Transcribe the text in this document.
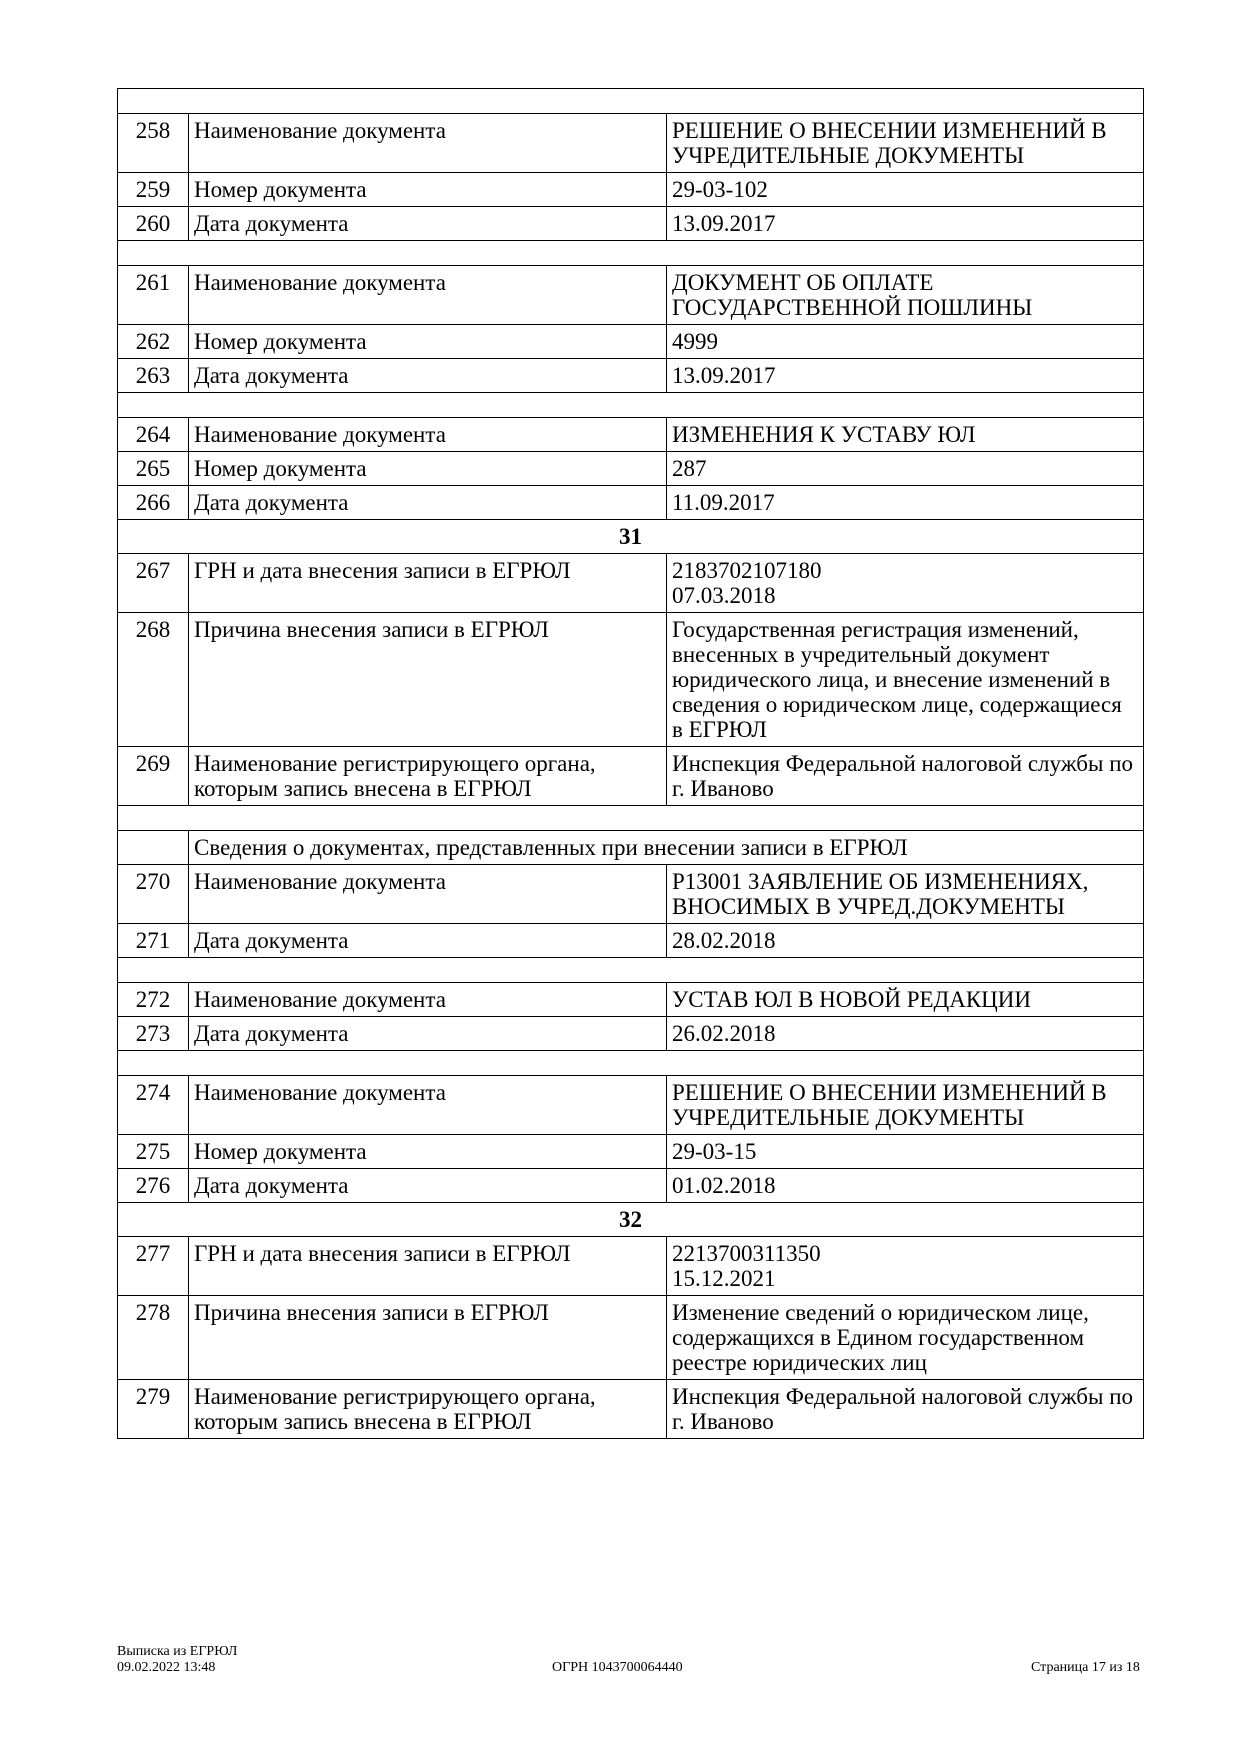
258	Наименование документа	РЕШЕНИЕ О ВНЕСЕНИИ ИЗМЕНЕНИЙ В УЧРЕДИТЕЛЬНЫЕ ДОКУМЕНТЫ
259	Номер документа	29-03-102
260	Дата документа	13.09.2017

261	Наименование документа	ДОКУМЕНТ ОБ ОПЛАТЕ ГОСУДАРСТВЕННОЙ ПОШЛИНЫ
262	Номер документа	4999
263	Дата документа	13.09.2017

264	Наименование документа	ИЗМЕНЕНИЯ К УСТАВУ ЮЛ
265	Номер документа	287
266	Дата документа	11.09.2017
31		
267	ГРН и дата внесения записи в ЕГРЮЛ	2183702107180
07.03.2018
268	Причина внесения записи в ЕГРЮЛ	Государственная регистрация изменений, внесенных в учредительный документ юридического лица, и внесение изменений в сведения о юридическом лице, содержащиеся в ЕГРЮЛ
269	Наименование регистрирующего органа, которым запись внесена в ЕГРЮЛ	Инспекция Федеральной налоговой службы по г. Иваново

	Сведения о документах, представленных при внесении записи в ЕГРЮЛ	
270	Наименование документа	Р13001 ЗАЯВЛЕНИЕ ОБ ИЗМЕНЕНИЯХ, ВНОСИМЫХ В УЧРЕД.ДОКУМЕНТЫ
271	Дата документа	28.02.2018

272	Наименование документа	УСТАВ ЮЛ В НОВОЙ РЕДАКЦИИ
273	Дата документа	26.02.2018

274	Наименование документа	РЕШЕНИЕ О ВНЕСЕНИИ ИЗМЕНЕНИЙ В УЧРЕДИТЕЛЬНЫЕ ДОКУМЕНТЫ
275	Номер документа	29-03-15
276	Дата документа	01.02.2018
32		
277	ГРН и дата внесения записи в ЕГРЮЛ	2213700311350
15.12.2021
278	Причина внесения записи в ЕГРЮЛ	Изменение сведений о юридическом лице, содержащихся в Едином государственном реестре юридических лиц
279	Наименование регистрирующего органа, которым запись внесена в ЕГРЮЛ	Инспекция Федеральной налоговой службы по г. Иваново
Выписка из ЕГРЮЛ
09.02.2022 13:48	ОГРН 1043700064440	Страница 17 из 18
